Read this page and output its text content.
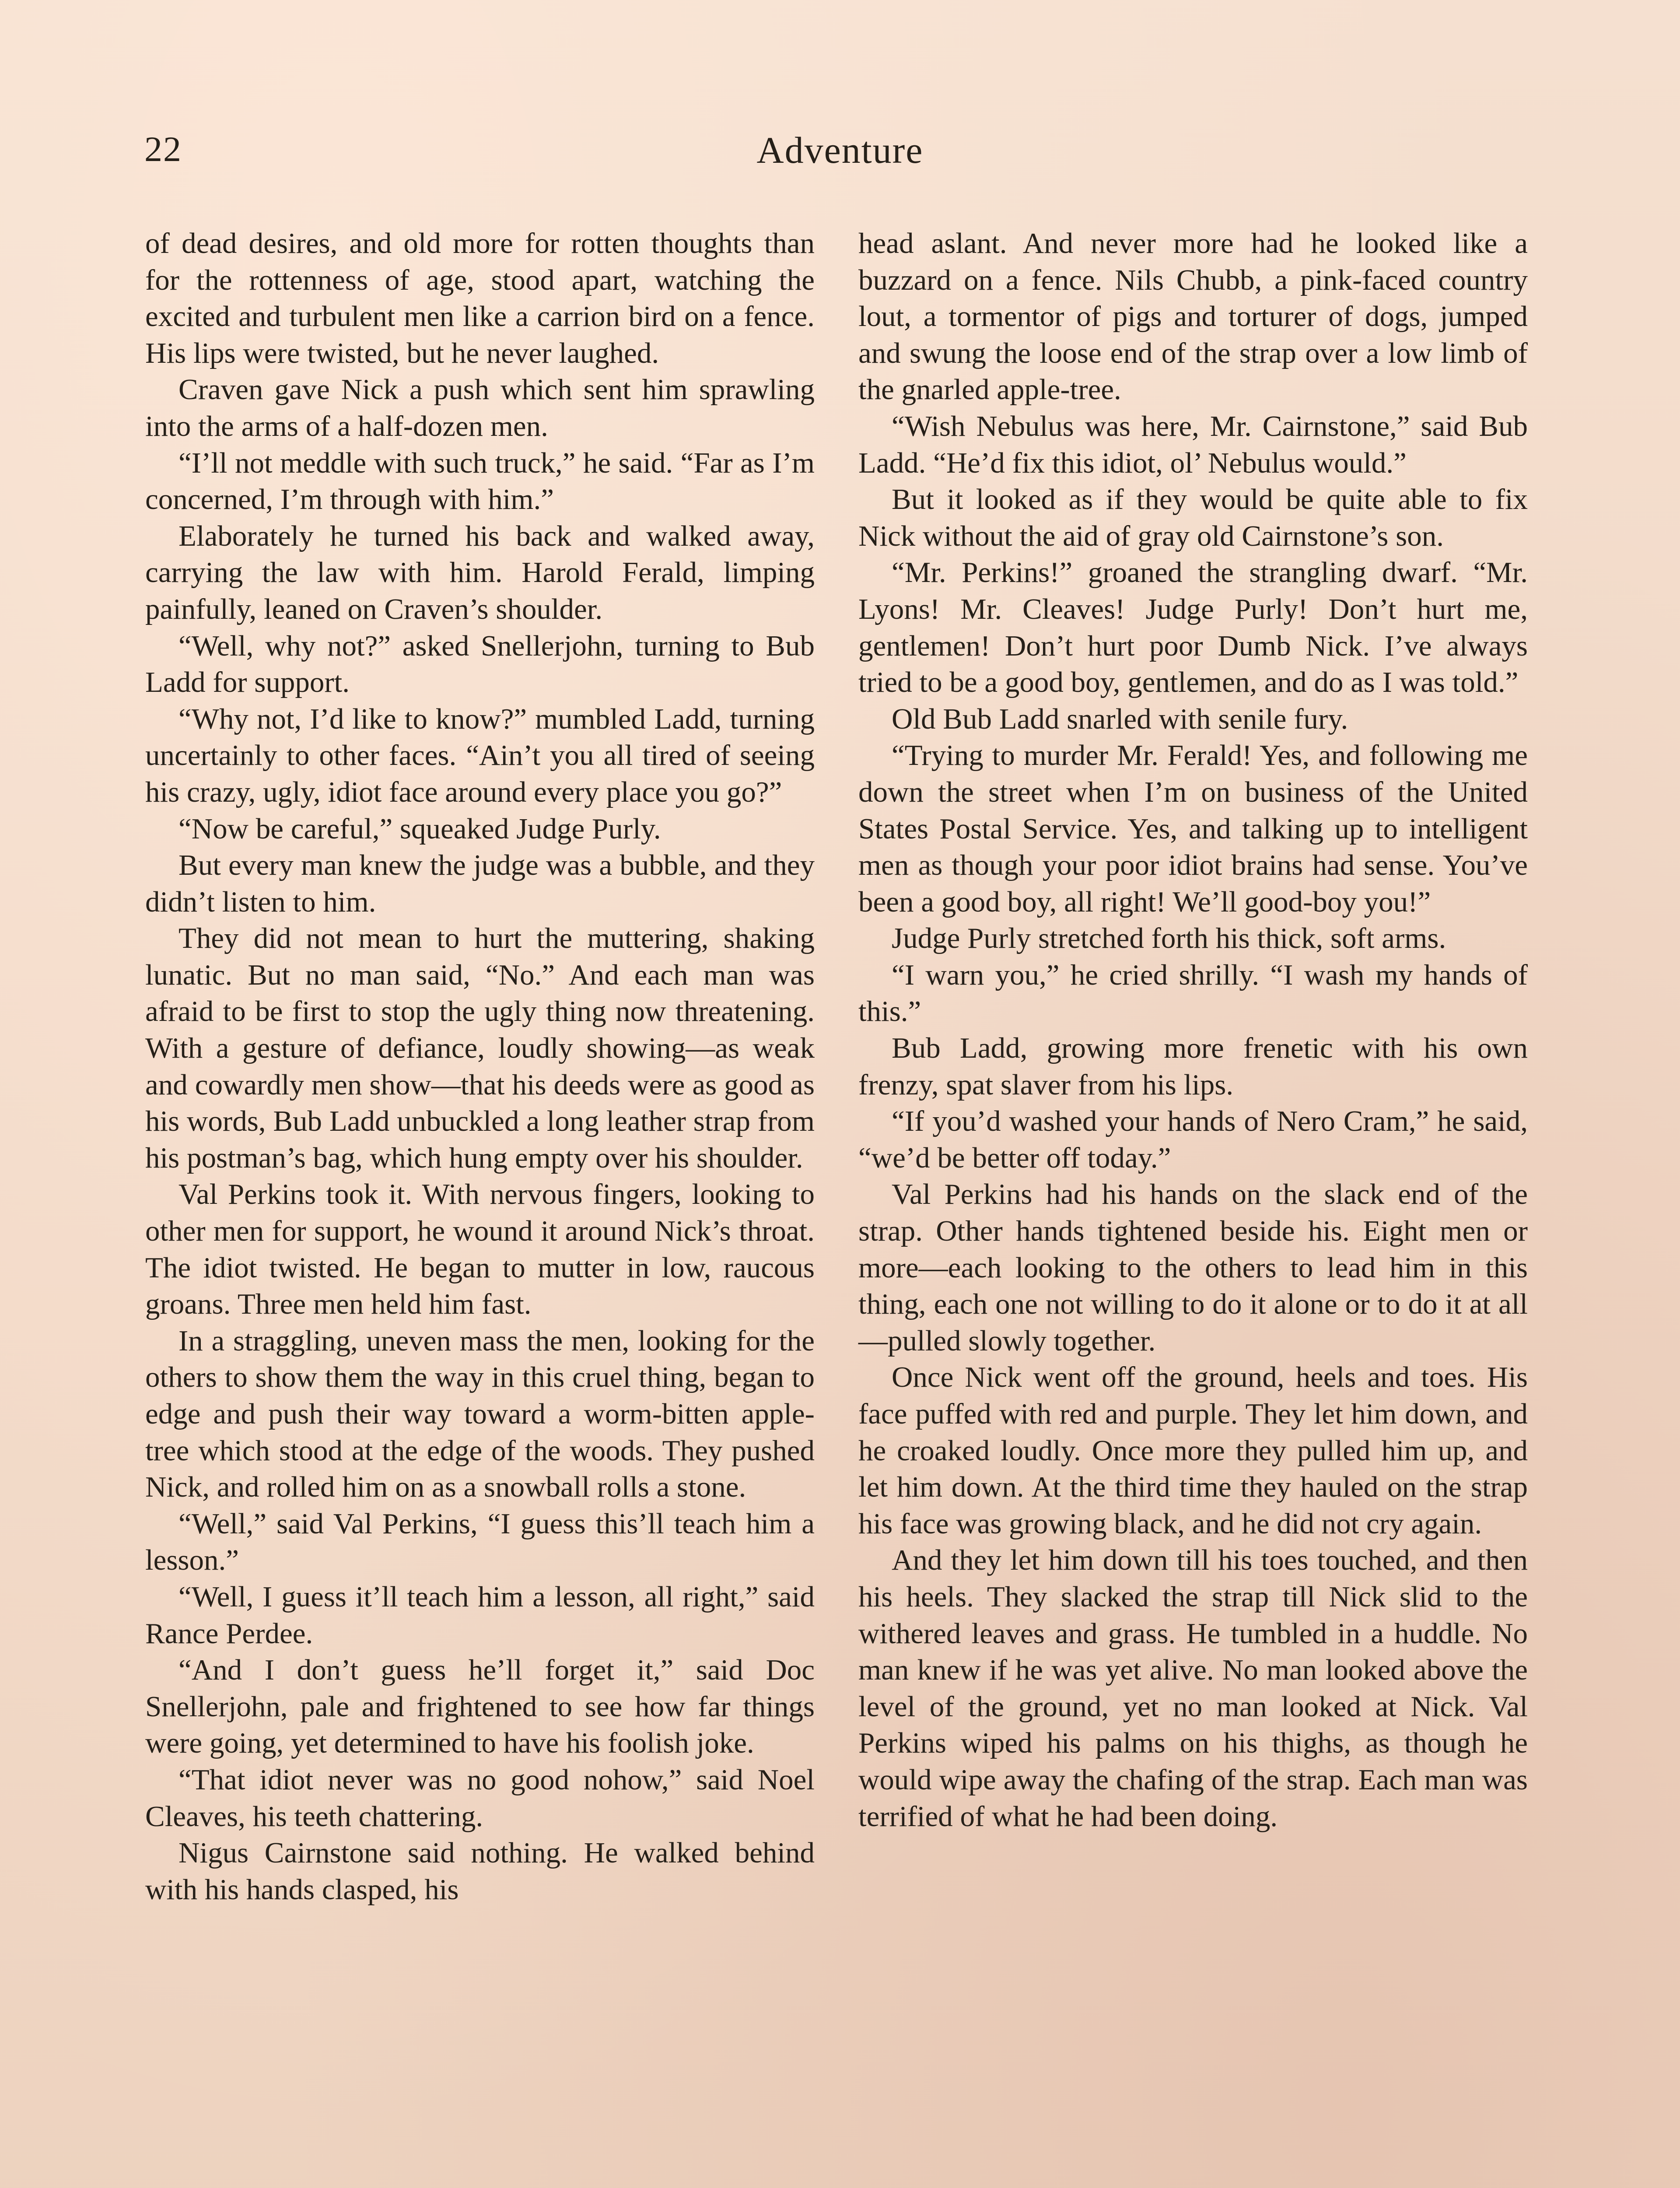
22	Adventure

of dead desires, and old more for rotten thoughts than for the rottenness of age, stood apart, watching the excited and turbulent men like a carrion bird on a fence. His lips were twisted, but he never laughed.

Craven gave Nick a push which sent him sprawling into the arms of a half-dozen men.

“I’ll not meddle with such truck,” he said. “Far as I’m concerned, I’m through with him.”

Elaborately he turned his back and walked away, carrying the law with him. Harold Ferald, limping painfully, leaned on Craven’s shoulder.

“Well, why not?” asked Snellerjohn, turning to Bub Ladd for support.

“Why not, I’d like to know?” mumbled Ladd, turning uncertainly to other faces. “Ain’t you all tired of seeing his crazy, ugly, idiot face around every place you go?”

“Now be careful,” squeaked Judge Purly.

But every man knew the judge was a bubble, and they didn’t listen to him.

They did not mean to hurt the muttering, shaking lunatic. But no man said, “No.” And each man was afraid to be first to stop the ugly thing now threatening. With a gesture of defiance, loudly showing—as weak and cowardly men show—that his deeds were as good as his words, Bub Ladd unbuckled a long leather strap from his postman’s bag, which hung empty over his shoulder.

Val Perkins took it. With nervous fingers, looking to other men for support, he wound it around Nick’s throat. The idiot twisted. He began to mutter in low, raucous groans. Three men held him fast.

In a straggling, uneven mass the men, looking for the others to show them the way in this cruel thing, began to edge and push their way toward a worm-bitten apple-tree which stood at the edge of the woods. They pushed Nick, and rolled him on as a snowball rolls a stone.

“Well,” said Val Perkins, “I guess this’ll teach him a lesson.”

“Well, I guess it’ll teach him a lesson, all right,” said Rance Perdee.

“And I don’t guess he’ll forget it,” said Doc Snellerjohn, pale and frightened to see how far things were going, yet determined to have his foolish joke.

“That idiot never was no good nohow,” said Noel Cleaves, his teeth chattering.

Nigus Cairnstone said nothing. He walked behind with his hands clasped, his

head aslant. And never more had he looked like a buzzard on a fence. Nils Chubb, a pink-faced country lout, a tormentor of pigs and torturer of dogs, jumped and swung the loose end of the strap over a low limb of the gnarled apple-tree.

“Wish Nebulus was here, Mr. Cairnstone,” said Bub Ladd. “He’d fix this idiot, ol’ Nebulus would.”

But it looked as if they would be quite able to fix Nick without the aid of gray old Cairnstone’s son.

“Mr. Perkins!” groaned the strangling dwarf. “Mr. Lyons! Mr. Cleaves! Judge Purly! Don’t hurt me, gentlemen! Don’t hurt poor Dumb Nick. I’ve always tried to be a good boy, gentlemen, and do as I was told.”

Old Bub Ladd snarled with senile fury.

“Trying to murder Mr. Ferald! Yes, and following me down the street when I’m on business of the United States Postal Service. Yes, and talking up to intelligent men as though your poor idiot brains had sense. You’ve been a good boy, all right! We’ll good-boy you!”

Judge Purly stretched forth his thick, soft arms.

“I warn you,” he cried shrilly. “I wash my hands of this.”

Bub Ladd, growing more frenetic with his own frenzy, spat slaver from his lips.

“If you’d washed your hands of Nero Cram,” he said, “we’d be better off today.”

Val Perkins had his hands on the slack end of the strap. Other hands tightened beside his. Eight men or more—each looking to the others to lead him in this thing, each one not willing to do it alone or to do it at all—pulled slowly together.

Once Nick went off the ground, heels and toes. His face puffed with red and purple. They let him down, and he croaked loudly. Once more they pulled him up, and let him down. At the third time they hauled on the strap his face was growing black, and he did not cry again.

And they let him down till his toes touched, and then his heels. They slacked the strap till Nick slid to the withered leaves and grass. He tumbled in a huddle. No man knew if he was yet alive. No man looked above the level of the ground, yet no man looked at Nick. Val Perkins wiped his palms on his thighs, as though he would wipe away the chafing of the strap. Each man was terrified of what he had been doing.
